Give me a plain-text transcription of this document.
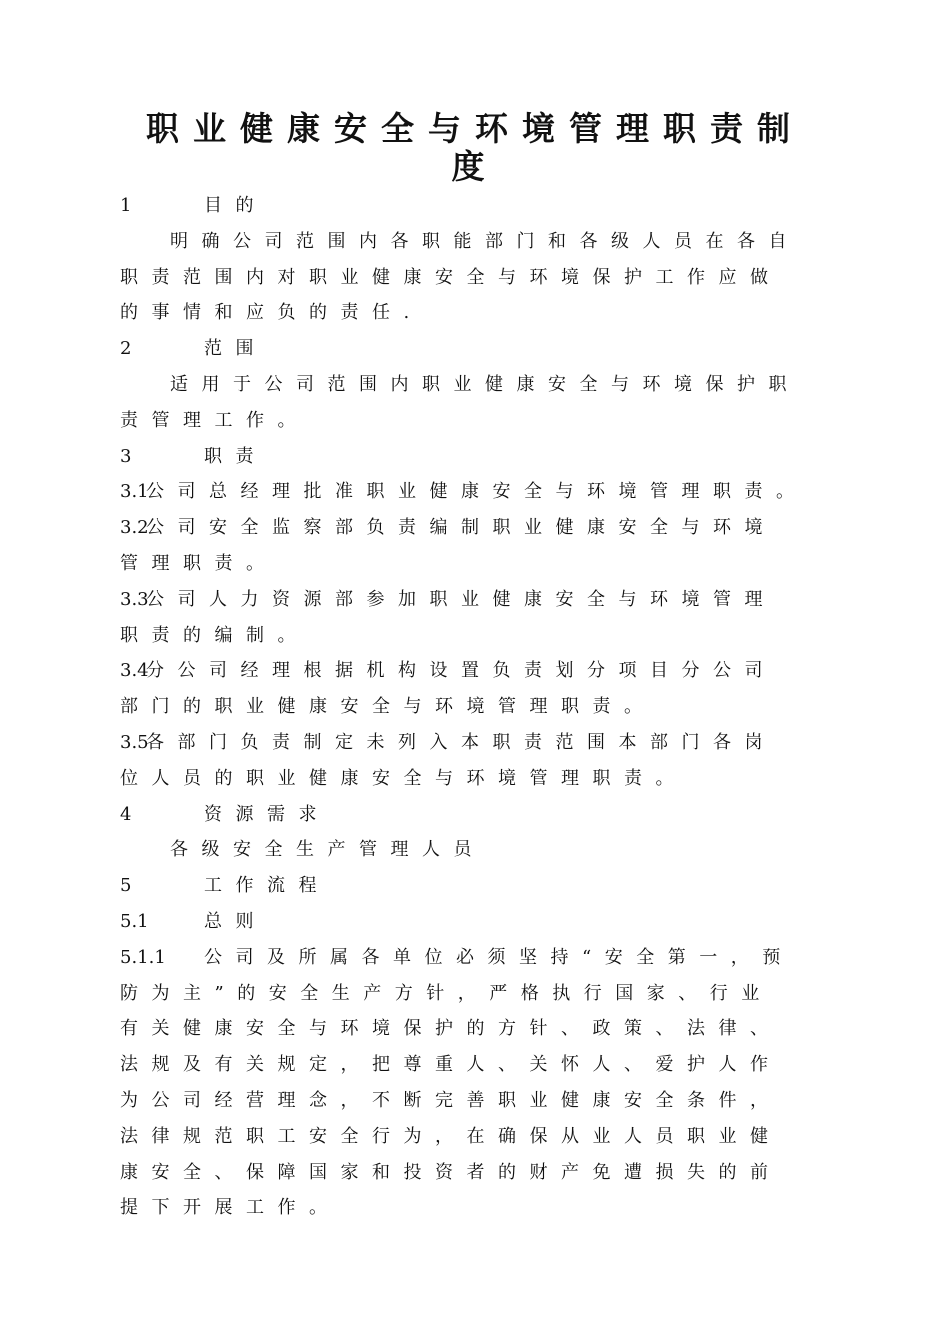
职业健康安全与环境管理职责制度
1	目的
明确公司范围内各职能部门和各级人员在各自
职责范围内对职业健康安全与环境保护工作应做
的事情和应负的责任.
2	范围
适用于公司范围内职业健康安全与环境保护职
责管理工作。
3	职责
3.1公司总经理批准职业健康安全与环境管理职责。
3.2公司安全监察部负责编制职业健康安全与环境
管理职责。
3.3公司人力资源部参加职业健康安全与环境管理
职责的编制。
3.4分公司经理根据机构设置负责划分项目分公司
部门的职业健康安全与环境管理职责。
3.5各部门负责制定未列入本职责范围本部门各岗
位人员的职业健康安全与环境管理职责。
4	资源需求
各级安全生产管理人员
5	工作流程
5.1	总则
5.1.1 公司及所属各单位必须坚持“安全第一，预
防为主”的安全生产方针，严格执行国家、行业
有关健康安全与环境保护的方针、政策、法律、
法规及有关规定，把尊重人、关怀人、爱护人作
为公司经营理念，不断完善职业健康安全条件，
法律规范职工安全行为，在确保从业人员职业健
康安全、保障国家和投资者的财产免遭损失的前
提下开展工作。
